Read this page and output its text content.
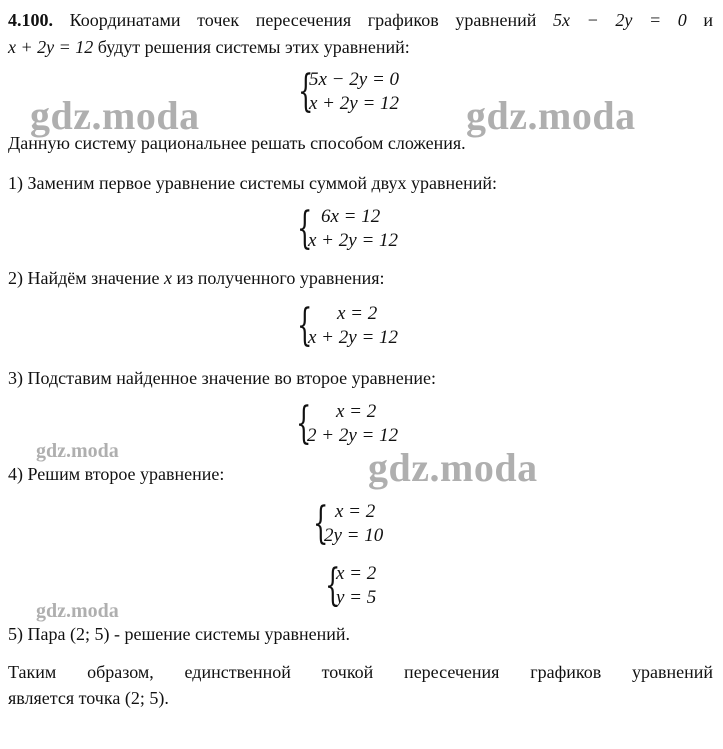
4.100. Координатами точек пересечения графиков уравнений 5x − 2y = 0 и
x + 2y = 12 будут решения системы этих уравнений:
{
5x − 2y = 0
x + 2y = 12
Данную систему рациональнее решать способом сложения.
1) Заменим первое уравнение системы суммой двух уравнений:
{ 6x = 12
x + 2y = 12
2) Найдём значение x из полученного уравнения:
{ x = 2
x + 2y = 12
3) Подставим найденное значение во второе уравнение:
{ x = 2
2 + 2y = 12
4) Решим второе уравнение:
{ x = 2
2y = 10
{
x = 2
y = 5
5) Пара (2; 5) - решение системы уравнений.
Таким образом, единственной точкой пересечения графиков уравнений
является точка (2; 5).
gdz.moda	gdz.moda
gdz.moda	gdz.moda
gdz.moda
